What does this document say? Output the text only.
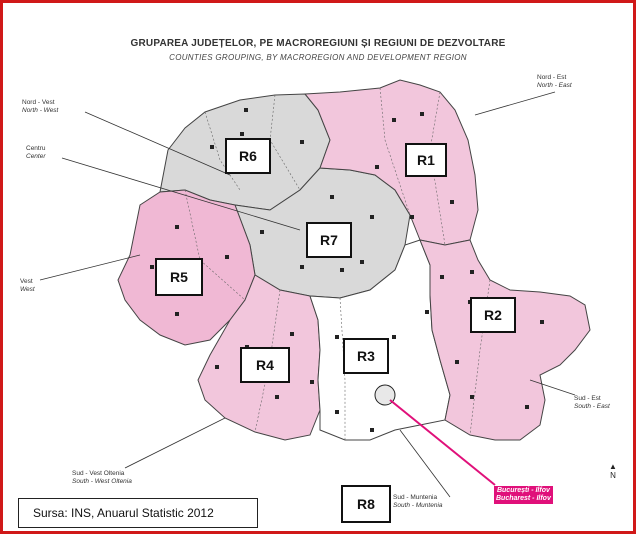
GRUPAREA JUDEȚELOR, PE MACROREGIUNI ȘI REGIUNI DE DEZVOLTARE
COUNTIES GROUPING, BY MACROREGION AND DEVELOPMENT REGION
R1
R2
R3
R4
R5
R6
R7
R8
Nord - Vest
North - West
Centru
Center
Nord - Est
North - East
Vest
West
Sud - Vest Oltenia
South - West Oltenia
Sud - Muntenia
South - Muntenia
Sud - Est
South - East
București - Ilfov
Bucharest - Ilfov
Sursa: INS, Anuarul Statistic 2012
▲
N
